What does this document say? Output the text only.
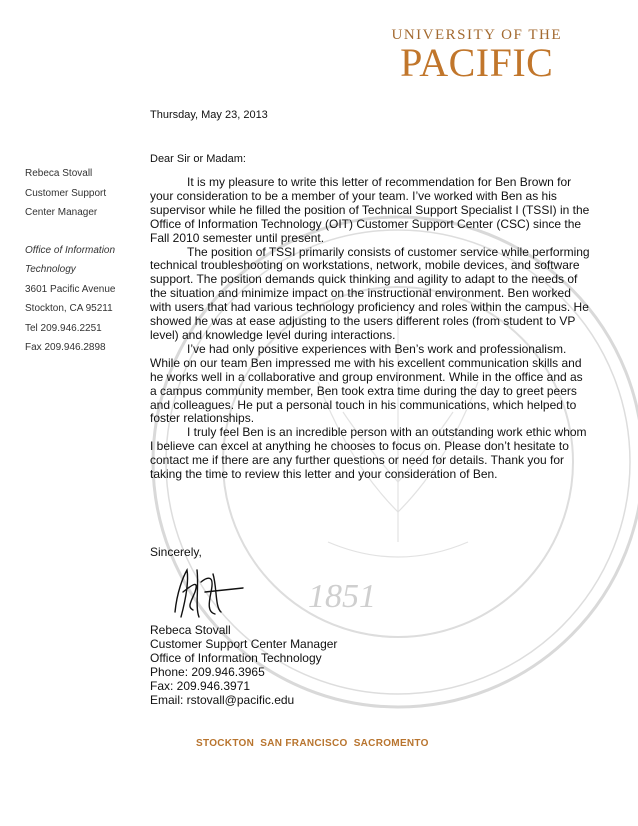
1851
UNIVERSITY OF THE
PACIFIC
Rebeca Stovall
Customer Support
Center Manager
Office of Information
Technology
3601 Pacific Avenue
Stockton, CA 95211
Tel 209.946.2251
Fax 209.946.2898
Thursday, May 23, 2013
Dear Sir or Madam:

It is my pleasure to write this letter of recommendation for Ben Brown for your consideration to be a member of your team. I’ve worked with Ben as his supervisor while he filled the position of Technical Support Specialist I (TSSI) in the Office of Information Technology (OIT) Customer Support Center (CSC) since the Fall 2010 semester until present.

The position of TSSI primarily consists of customer service while performing technical troubleshooting on workstations, network, mobile devices, and software support. The position demands quick thinking and agility to adapt to the needs of the situation and minimize impact on the instructional environment. Ben worked with users that had various technology proficiency and roles within the campus. He showed he was at ease adjusting to the users different roles (from student to VP level) and knowledge level during interactions.

I’ve had only positive experiences with Ben’s work and professionalism. While on our team Ben impressed me with his excellent communication skills and he works well in a collaborative and group environment. While in the office and as a campus community member, Ben took extra time during the day to greet peers and colleagues. He put a personal touch in his communications, which helped to foster relationships.

I truly feel Ben is an incredible person with an outstanding work ethic whom I believe can excel at anything he chooses to focus on. Please don’t hesitate to contact me if there are any further questions or need for details. Thank you for taking the time to review this letter and your consideration of Ben.

Sincerely,
Rebeca Stovall
Customer Support Center Manager
Office of Information Technology
Phone: 209.946.3965
Fax: 209.946.3971
Email: rstovall@pacific.edu
STOCKTON  SAN FRANCISCO  SACROMENTO
